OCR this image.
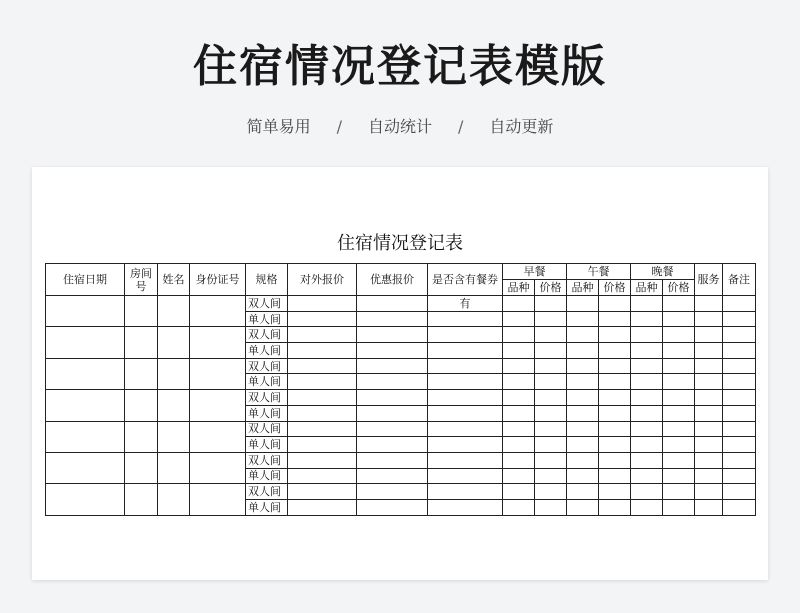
住宿情况登记表模版
简单易用 / 自动统计 / 自动更新
住宿情况登记表
住宿日期	房间号	姓名	身份证号	规格	对外报价	优惠报价	是否含有餐券	早餐		午餐		晚餐		服务	备注
								品种	价格	品种	价格	品种	价格		
				双人间			有								
				单人间											
				双人间											
				单人间											
				双人间											
				单人间											
				双人间											
				单人间											
				双人间											
				单人间											
				双人间											
				单人间											
				双人间											
				单人间											
